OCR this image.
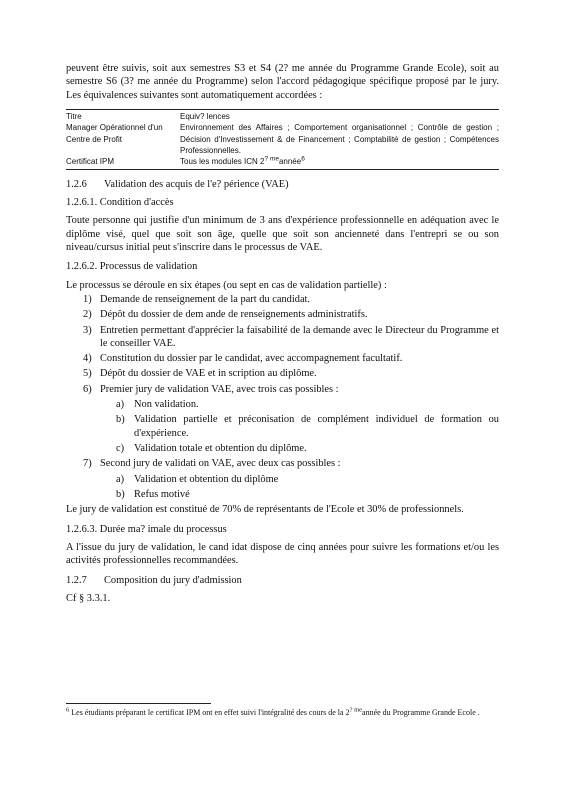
peuvent être suivis, soit aux semestres S3 et S4 (2? me année du Programme Grande Ecole), soit au semestre S6 (3? me année du Programme) selon l'accord pédagogique spécifique proposé par le jury. Les équivalences suivantes sont automatiquement accordées :

Titre	Equiv? lences
Manager Opérationnel d'un Centre de Profit
Environnement des Affaires ; Comportement organisationnel ; Contrôle de gestion ; Décision d'Investissement & de Financement ; Comptabilité de gestion ; Compétences Professionnelles.
Certificat IPM	Tous les modules ICN $2^{? me}année^6$

1.2.6 Validation des acquis de l'e? périence (VAE)

1.2.6.1. Condition d'accès

Toute personne qui justifie d'un minimum de 3 ans d'expérience professionnelle en adéquation avec le diplôme visé, quel que soit son âge, quelle que soit son ancienneté dans l'entrepri se ou son niveau/cursus initial peut s'inscrire dans le processus de VAE.

1.2.6.2. Processus de validation

Le processus se déroule en six étapes (ou sept en cas de validation partielle) :

1) Demande de renseignement de la part du candidat.
2) Dépôt du dossier de dem ande de renseignements administratifs.
3) Entretien permettant d'apprécier la faisabilité de la demande avec le Directeur du Programme et le conseiller VAE.
4) Constitution du dossier par le candidat, avec accompagnement facultatif.
5) Dépôt du dossier de VAE et in scription au diplôme.
6) Premier jury de validation VAE, avec trois cas possibles :
a) Non validation.
b) Validation partielle et préconisation de complément individuel de formation ou d'expérience.
c) Validation totale et obtention du diplôme.
7) Second jury de validati on VAE, avec deux cas possibles :
a) Validation et obtention du diplôme
b) Refus motivé

Le jury de validation est constitué de 70% de représentants de l'Ecole et 30% de professionnels.

1.2.6.3. Durée ma? imale du processus

A l'issue du jury de validation, le cand idat dispose de cinq années pour suivre les formations et/ou les activités professionnelles recommandées.

1.2.7 Composition du jury d'admission

Cf § 3.3.1.

$^6$ Les étudiants préparant le certificat IPM ont en effet suivi l'intégralité des cours de la $2^{? me}année$ du Programme Grande Ecole .
